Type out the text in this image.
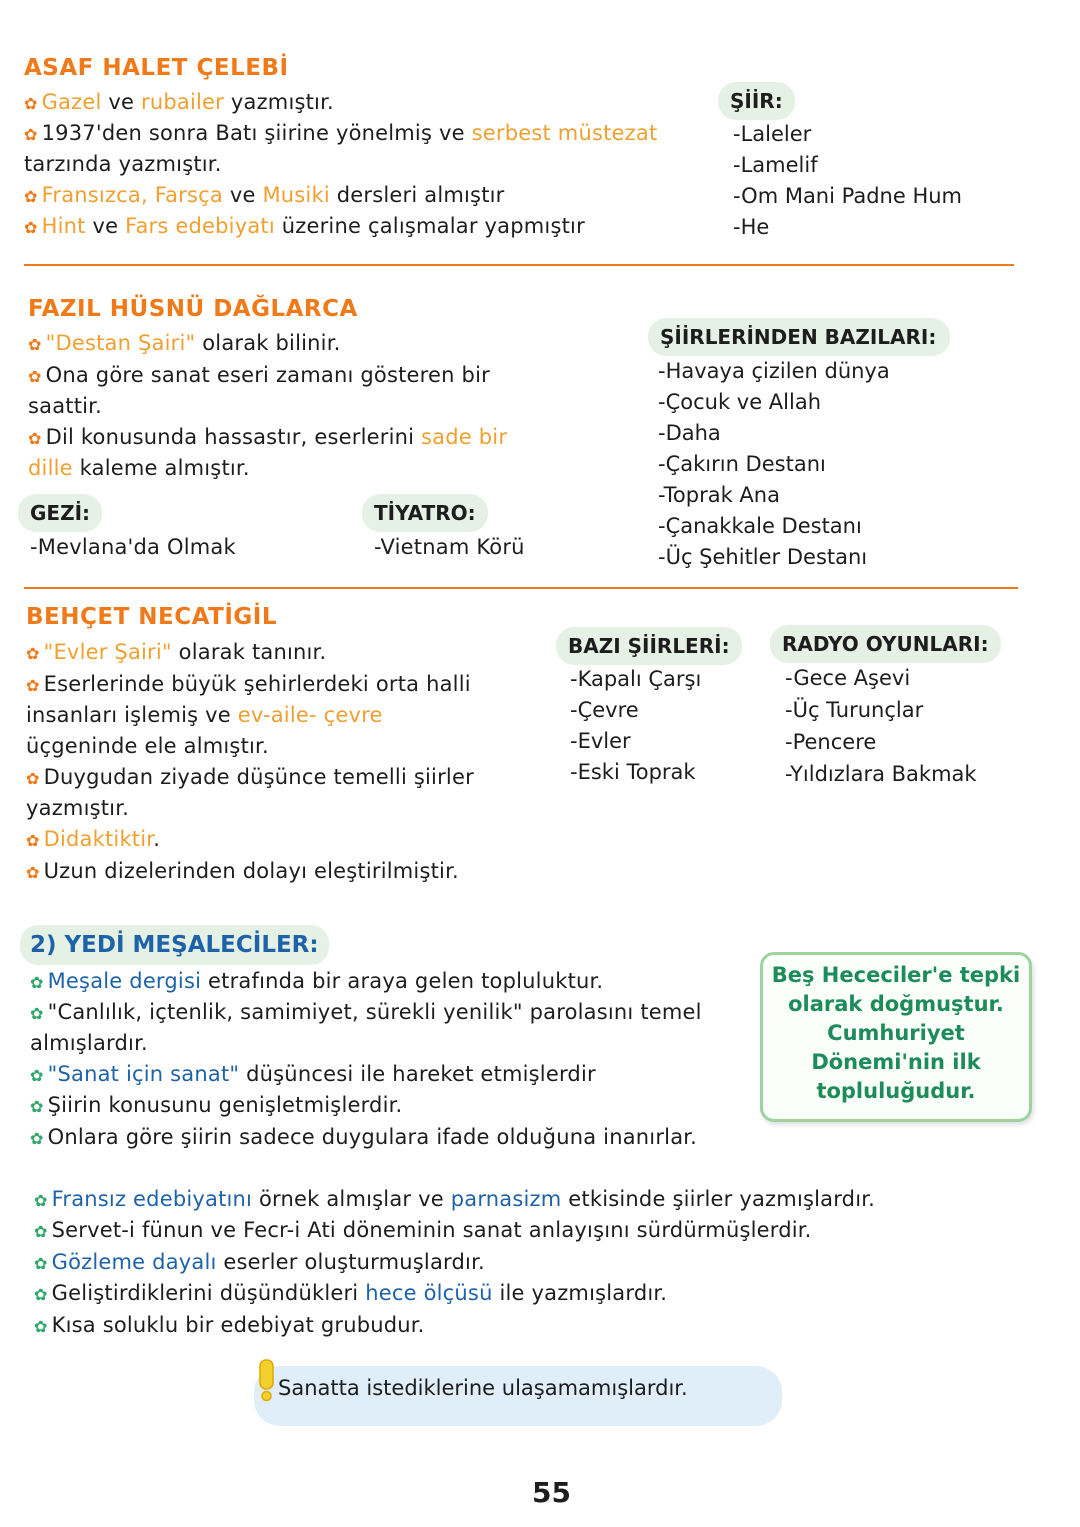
ASAF HALET ÇELEBİ
✿ Gazel ve rubailer yazmıştır.
✿ 1937'den sonra Batı şiirine yönelmiş ve serbest müstezat
tarzında yazmıştır.
✿ Fransızca, Farsça ve Musiki dersleri almıştır
✿ Hint ve Fars edebiyatı üzerine çalışmalar yapmıştır
ŞİİR:
-Laleler
-Lamelif
-Om Mani Padne Hum
-He
FAZIL HÜSNÜ DAĞLARCA
✿ "Destan Şairi" olarak bilinir.
✿ Ona göre sanat eseri zamanı gösteren bir
saattir.
✿ Dil konusunda hassastır, eserlerini sade bir
dille kaleme almıştır.
GEZİ:
-Mevlana'da Olmak
TİYATRO:
-Vietnam Körü
ŞİİRLERİNDEN BAZILARI:
-Havaya çizilen dünya
-Çocuk ve Allah
-Daha
-Çakırın Destanı
-Toprak Ana
-Çanakkale Destanı
-Üç Şehitler Destanı
BEHÇET NECATİGİL
✿ "Evler Şairi" olarak tanınır.
✿ Eserlerinde büyük şehirlerdeki orta halli
insanları işlemiş ve ev-aile- çevre
üçgeninde ele almıştır.
✿ Duygudan ziyade düşünce temelli şiirler
yazmıştır.
✿ Didaktiktir.
✿ Uzun dizelerinden dolayı eleştirilmiştir.
BAZI ŞİİRLERİ:
-Kapalı Çarşı
-Çevre
-Evler
-Eski Toprak
RADYO OYUNLARI:
-Gece Aşevi
-Üç Turunçlar
-Pencere
-Yıldızlara Bakmak
2) YEDİ MEŞALECİLER:
✿ Meşale dergisi etrafında bir araya gelen topluluktur.
✿ "Canlılık, içtenlik, samimiyet, sürekli yenilik" parolasını temel
almışlardır.
✿ "Sanat için sanat" düşüncesi ile hareket etmişlerdir
✿ Şiirin konusunu genişletmişlerdir.
✿ Onlara göre şiirin sadece duygulara ifade olduğuna inanırlar.
Beş Hececiler'e tepki
olarak doğmuştur.
Cumhuriyet
Dönemi'nin ilk
topluluğudur.
✿ Fransız edebiyatını örnek almışlar ve parnasizm etkisinde şiirler yazmışlardır.
✿ Servet-i fünun ve Fecr-i Ati döneminin sanat anlayışını sürdürmüşlerdir.
✿ Gözleme dayalı eserler oluşturmuşlardır.
✿ Geliştirdiklerini düşündükleri hece ölçüsü ile yazmışlardır.
✿ Kısa soluklu bir edebiyat grubudur.
Sanatta istediklerine ulaşamamışlardır.
55
